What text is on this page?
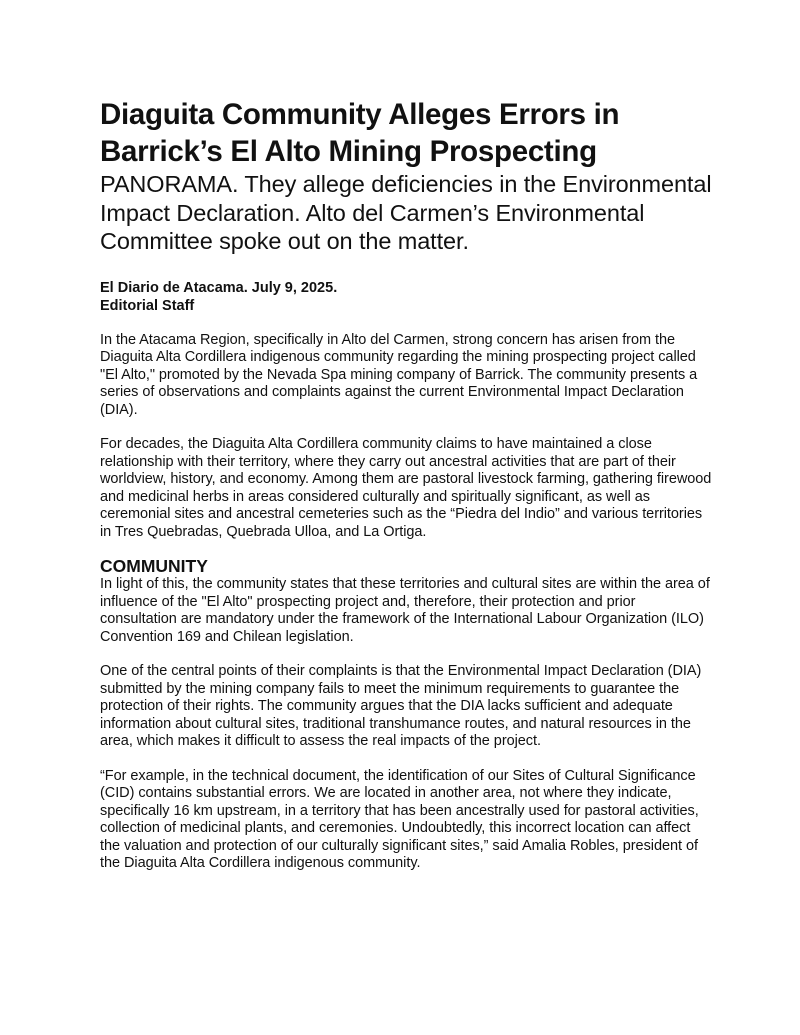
Diaguita Community Alleges Errors in Barrick’s El Alto Mining Prospecting

PANORAMA. They allege deficiencies in the Environmental Impact Declaration. Alto del Carmen’s Environmental Committee spoke out on the matter.

El Diario de Atacama. July 9, 2025.
Editorial Staff

In the Atacama Region, specifically in Alto del Carmen, strong concern has arisen from the Diaguita Alta Cordillera indigenous community regarding the mining prospecting project called "El Alto," promoted by the Nevada Spa mining company of Barrick. The community presents a series of observations and complaints against the current Environmental Impact Declaration (DIA).

For decades, the Diaguita Alta Cordillera community claims to have maintained a close relationship with their territory, where they carry out ancestral activities that are part of their worldview, history, and economy. Among them are pastoral livestock farming, gathering firewood and medicinal herbs in areas considered culturally and spiritually significant, as well as ceremonial sites and ancestral cemeteries such as the “Piedra del Indio” and various territories in Tres Quebradas, Quebrada Ulloa, and La Ortiga.

COMMUNITY

In light of this, the community states that these territories and cultural sites are within the area of influence of the "El Alto" prospecting project and, therefore, their protection and prior consultation are mandatory under the framework of the International Labour Organization (ILO) Convention 169 and Chilean legislation.

One of the central points of their complaints is that the Environmental Impact Declaration (DIA) submitted by the mining company fails to meet the minimum requirements to guarantee the protection of their rights. The community argues that the DIA lacks sufficient and adequate information about cultural sites, traditional transhumance routes, and natural resources in the area, which makes it difficult to assess the real impacts of the project.

“For example, in the technical document, the identification of our Sites of Cultural Significance (CID) contains substantial errors. We are located in another area, not where they indicate, specifically 16 km upstream, in a territory that has been ancestrally used for pastoral activities, collection of medicinal plants, and ceremonies. Undoubtedly, this incorrect location can affect the valuation and protection of our culturally significant sites,” said Amalia Robles, president of the Diaguita Alta Cordillera indigenous community.
